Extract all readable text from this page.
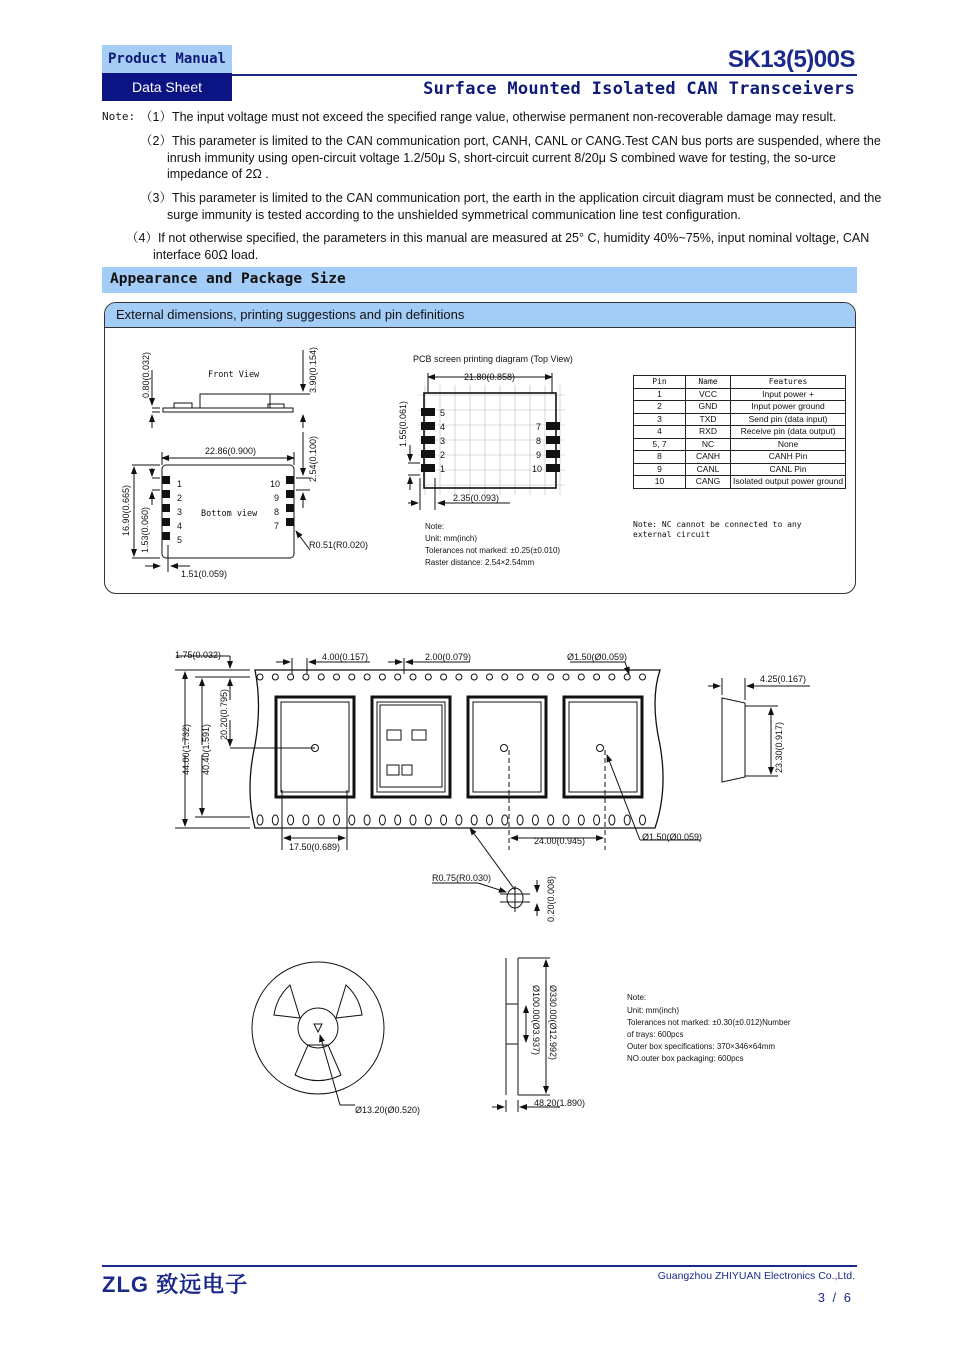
Product Manual
Data Sheet
SK13(5)00S
Surface Mounted Isolated CAN Transceivers
Note: （1）The input voltage must not exceed the specified range value, otherwise permanent non-recoverable damage may result.
（2）This parameter is limited to the CAN communication port, CANH, CANL or CANG.Test CAN bus ports are suspended, where the inrush immunity using open-circuit voltage 1.2/50μ S, short-circuit current 8/20μ S combined wave for testing, the so-urce impedance of 2Ω .
（3）This parameter is limited to the CAN communication port, the earth in the application circuit diagram must be connected, and the surge immunity is tested according to the unshielded symmetrical communication line test configuration.
（4）If not otherwise specified, the parameters in this manual are measured at 25° C, humidity 40%~75%, input nominal voltage, CAN interface 60Ω load.
Appearance and Package Size
External dimensions, printing suggestions and pin definitions
Front View
0.80(0.032)	3.90(0.154)
22.86(0.900)
16.90(0.665)
2.54(0.100)
1.53(0.060)
1.51(0.059)
R0.51(R0.020)
Bottom view
1
2
3
4
5
10
9
8
7
PCB screen printing diagram (Top View)
21.80(0.858)
1.55(0.061)
2.35(0.093)
5
4
3
2
1
7
8
9
10
Note:
Unit: mm(inch)
Tolerances not marked: ±0.25(±0.010)
Raster distance: 2.54×2.54mm
1.75(0.032)	4.00(0.157)	2.00(0.079)	Ø1.50(Ø0.059)
4.25(0.167)
44.00(1.732) 40.40(1.591)
20.20(0.795)
17.50(0.689)
24.00(0.945)	Ø1.50(Ø0.059)
23.30(0.917)
R0.75(R0.030)	0.20(0.008)
Ø13.20(Ø0.520)
Ø330.00(Ø12.992)
Ø100.00(Ø3.937)
48.20(1.890)
Note:
Unit: mm(inch)
Tolerances not marked: ±0.30(±0.012)Number
of trays: 600pcs
Outer box specifications: 370×346×64mm
NO.outer box packaging: 600pcs
Pin	Name	Features
1	VCC	Input power +
2	GND	Input power ground
3	TXD	Send pin (data input)
4	RXD	Receive pin (data output)
5, 7	NC	None
8	CANH	CANH Pin
9	CANL	CANL Pin
10	CANG	Isolated output power ground
Note: NC cannot be connected to any external circuit
Carrier tape/gum tray size
ZLG 致远电子	Guangzhou ZHIYUAN Electronics Co.,Ltd.
3 / 6
